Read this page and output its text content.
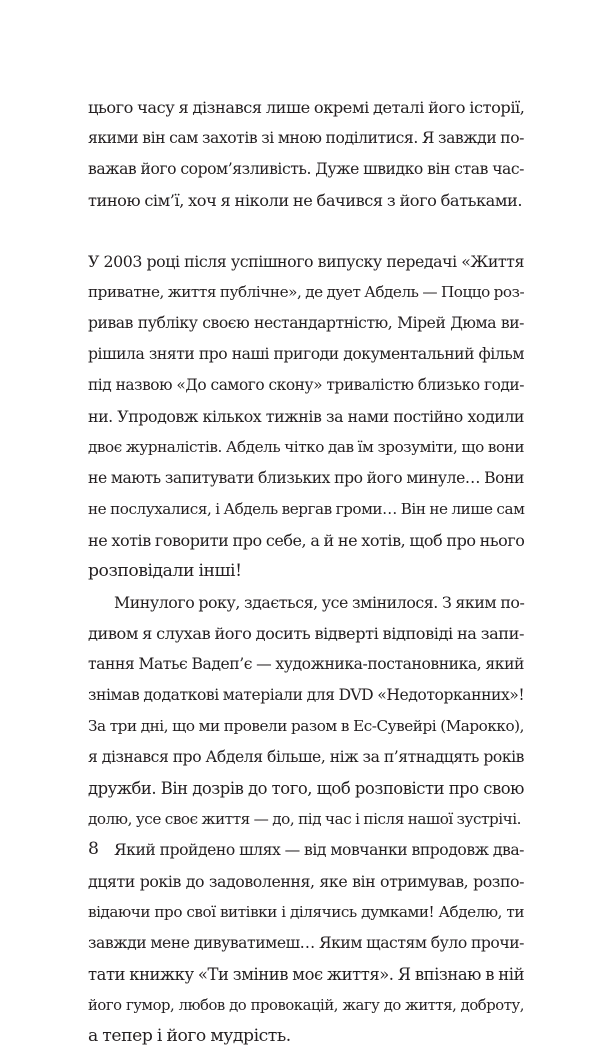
цього часу я дізнався лише окремі деталі його історії,
якими він сам захотів зі мною поділитися. Я завжди по-
важав його сором’язливість. Дуже швидко він став час-
тиною сім’ї, хоч я ніколи не бачився з його батьками.
У 2003 році після успішного випуску передачі «Життя
приватне, життя публічне», де дует Абдель — Поццо роз-
ривав публіку своєю нестандартністю, Мірей Дюма ви-
рішила зняти про наші пригоди документальний фільм
під назвою «До самого скону» тривалістю близько годи-
ни. Упродовж кількох тижнів за нами постійно ходили
двоє журналістів. Абдель чітко дав їм зрозуміти, що вони
не мають запитувати близьких про його минуле… Вони
не послухалися, і Абдель вергав громи… Він не лише сам
не хотів говорити про себе, а й не хотів, щоб про нього
розповідали інші!
Минулого року, здається, усе змінилося. З яким по-
дивом я слухав його досить відверті відповіді на запи-
тання Матьє Вадеп’є — художника-постановника, який
знімав додаткові матеріали для DVD «Недоторканних»!
За три дні, що ми провели разом в Ес-Сувейрі (Марокко),
я дізнався про Абделя більше, ніж за п’ятнадцять років
дружби. Він дозрів до того, щоб розповісти про свою
долю, усе своє життя — до, під час і після нашої зустрічі.
Який пройдено шлях — від мовчанки впродовж два-
дцяти років до задоволення, яке він отримував, розпо-
відаючи про свої витівки і ділячись думками! Абделю, ти
завжди мене дивуватимеш… Яким щастям було прочи-
тати книжку «Ти змінив моє життя». Я впізнаю в ній
його гумор, любов до провокацій, жагу до життя, доброту,
а тепер і його мудрість.
8
